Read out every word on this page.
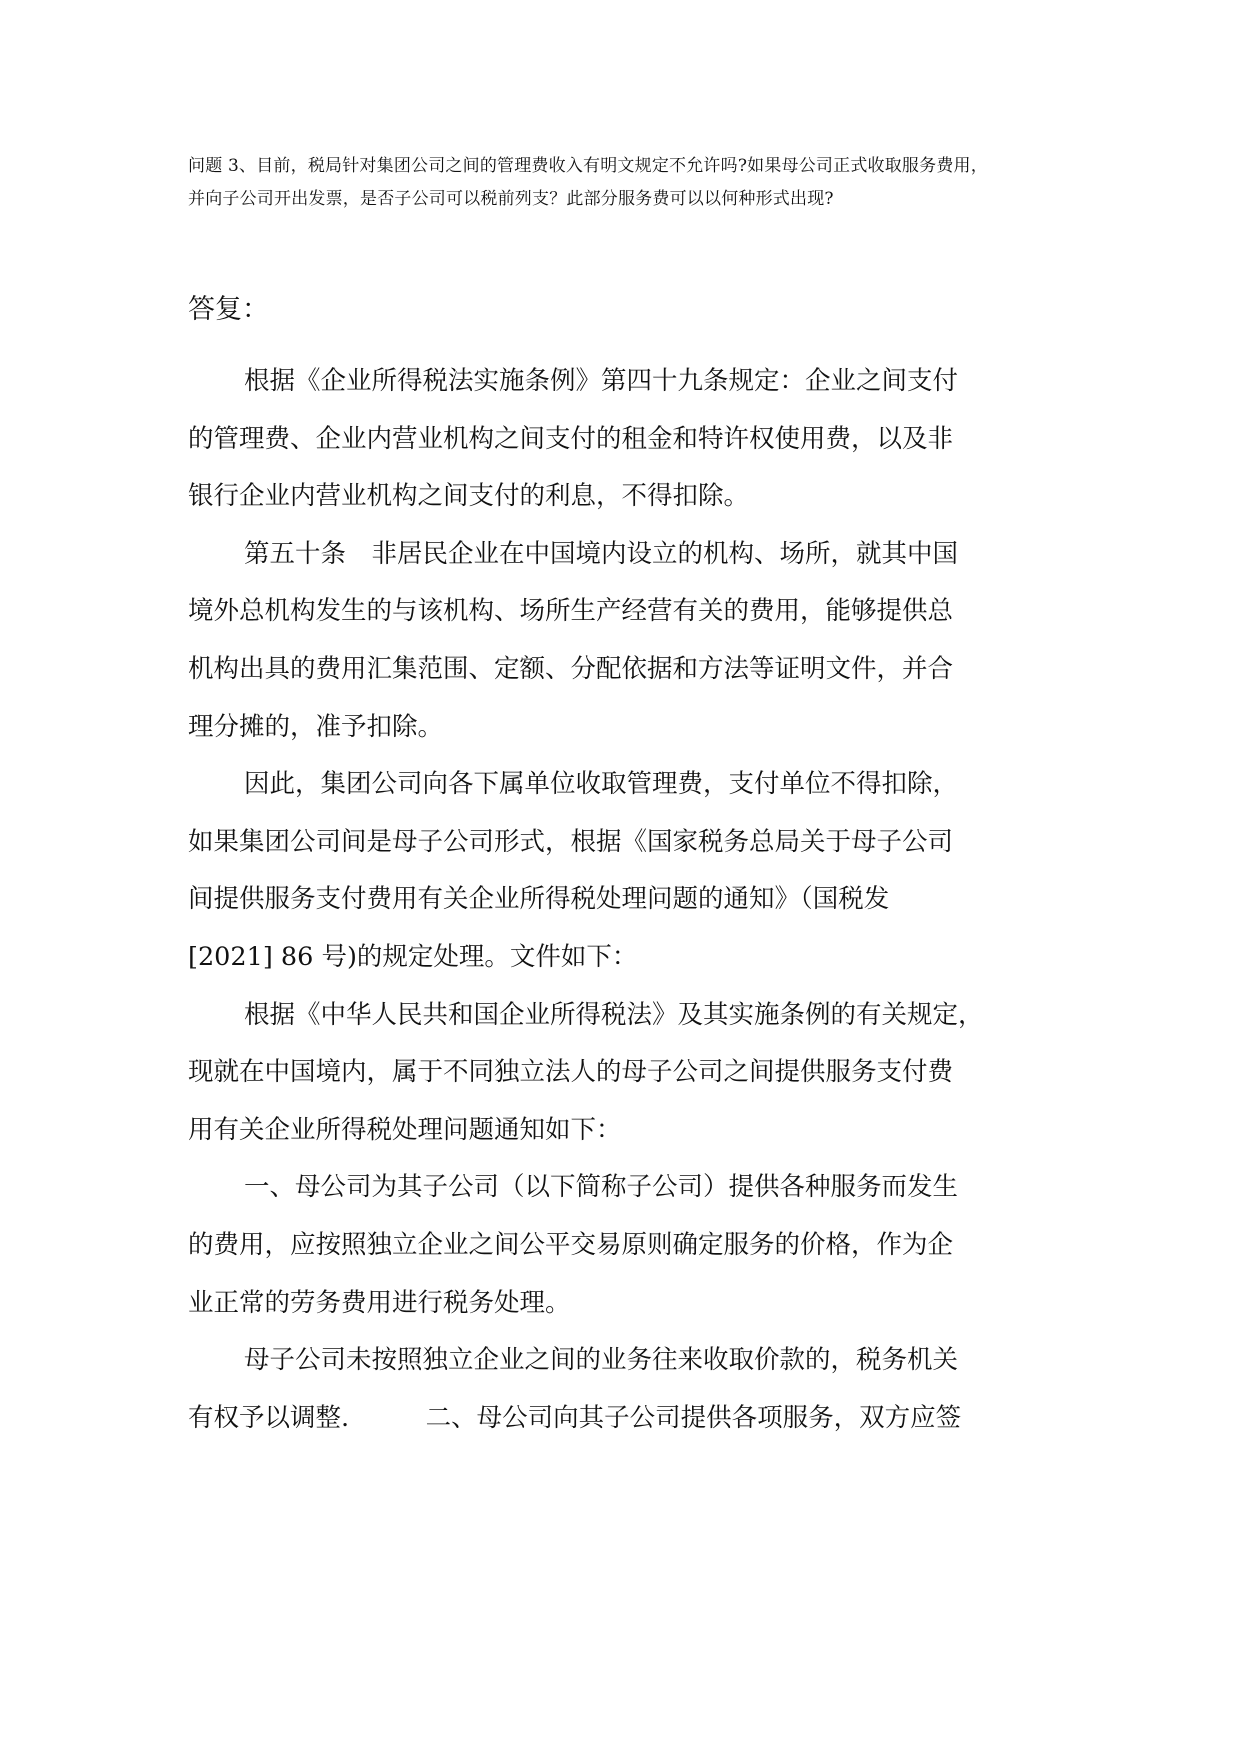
问题 3、目前，税局针对集团公司之间的管理费收入有明文规定不允许吗?如果母公司正式收取服务费用，

并向子公司开出发票，是否子公司可以税前列支？此部分服务费可以以何种形式出现?

答复：
根据《企业所得税法实施条例》第四十九条规定：企业之间支付
的管理费、企业内营业机构之间支付的租金和特许权使用费，以及非
银行企业内营业机构之间支付的利息，不得扣除。
第五十条　非居民企业在中国境内设立的机构、场所，就其中国
境外总机构发生的与该机构、场所生产经营有关的费用，能够提供总
机构出具的费用汇集范围、定额、分配依据和方法等证明文件，并合
理分摊的，准予扣除。
因此，集团公司向各下属单位收取管理费，支付单位不得扣除，
如果集团公司间是母子公司形式，根据《国家税务总局关于母子公司
间提供服务支付费用有关企业所得税处理问题的通知》（国税发
[2021] 86 号)的规定处理。文件如下：
根据《中华人民共和国企业所得税法》及其实施条例的有关规定，
现就在中国境内，属于不同独立法人的母子公司之间提供服务支付费
用有关企业所得税处理问题通知如下：
一、母公司为其子公司（以下简称子公司）提供各种服务而发生
的费用，应按照独立企业之间公平交易原则确定服务的价格，作为企
业正常的劳务费用进行税务处理。
母子公司未按照独立企业之间的业务往来收取价款的，税务机关
有权予以调整.　　　二、母公司向其子公司提供各项服务，双方应签
